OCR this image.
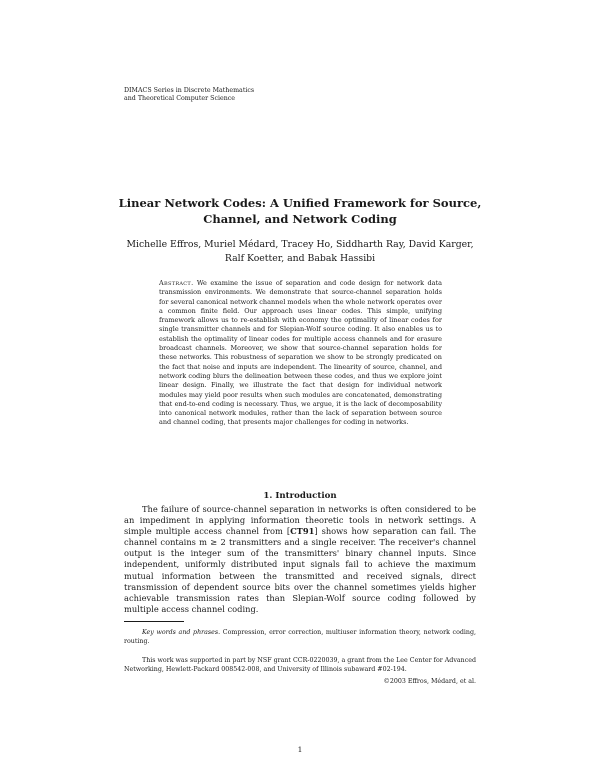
DIMACS Series in Discrete Mathematics
and Theoretical Computer Science
Linear Network Codes: A Unified Framework for Source,
Channel, and Network Coding
Michelle Effros, Muriel Médard, Tracey Ho, Siddharth Ray, David Karger,
Ralf Koetter, and Babak Hassibi
Abstract. We examine the issue of separation and code design for network data transmission environments. We demonstrate that source-channel separation holds for several canonical network channel models when the whole network operates over a common finite field. Our approach uses linear codes. This simple, unifying framework allows us to re-establish with economy the optimality of linear codes for single transmitter channels and for Slepian-Wolf source coding. It also enables us to establish the optimality of linear codes for multiple access channels and for erasure broadcast channels. Moreover, we show that source-channel separation holds for these networks. This robustness of separation we show to be strongly predicated on the fact that noise and inputs are independent. The linearity of source, channel, and network coding blurs the delineation between these codes, and thus we explore joint linear design. Finally, we illustrate the fact that design for individual network modules may yield poor results when such modules are concatenated, demonstrating that end-to-end coding is necessary. Thus, we argue, it is the lack of decomposability into canonical network modules, rather than the lack of separation between source and channel coding, that presents major challenges for coding in networks.
1. Introduction

The failure of source-channel separation in networks is often considered to be an impediment in applying information theoretic tools in network settings. A simple multiple access channel from [CT91] shows how separation can fail. The channel contains m ≥ 2 transmitters and a single receiver. The receiver's channel output is the integer sum of the transmitters' binary channel inputs. Since independent, uniformly distributed input signals fail to achieve the maximum mutual information between the transmitted and received signals, direct transmission of dependent source bits over the channel sometimes yields higher achievable transmission rates than Slepian-Wolf source coding followed by multiple access channel coding.

Key words and phrases. Compression, error correction, multiuser information theory, network coding, routing.

This work was supported in part by NSF grant CCR-0220039, a grant from the Lee Center for Advanced Networking, Hewlett-Packard 008542-008, and University of Illinois subaward #02-194.

©2003 Effros, Médard, et al.
1
